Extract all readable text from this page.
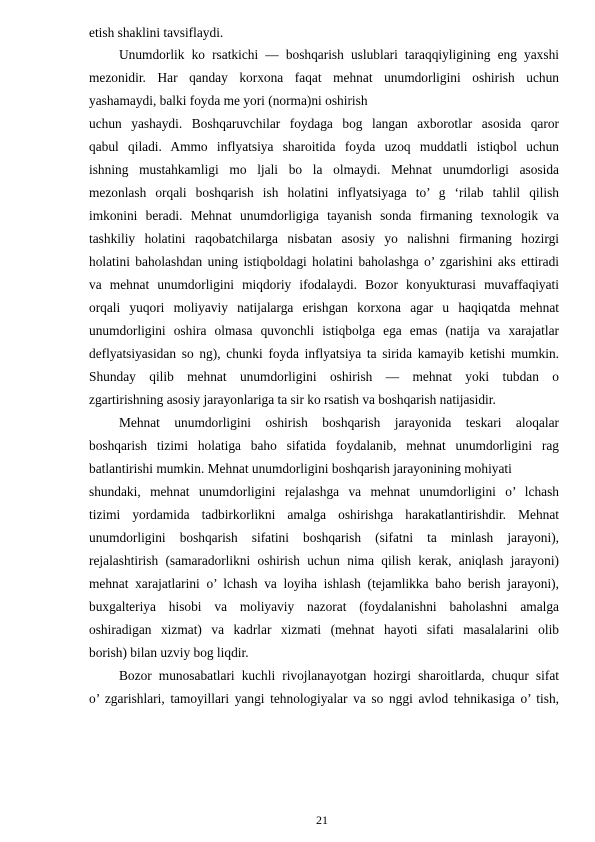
etish shaklini tavsiflaydi.
Unumdorlik ko rsatkichi — boshqarish uslublari taraqqiyligining eng yaxshi
mezonidir. Har qanday korxona faqat mehnat unumdorligini oshirish uchun
yashamaydi, balki foyda me yori (norma)ni oshirish
uchun yashaydi. Boshqaruvchilar foydaga bog langan axborotlar asosida qaror
qabul qiladi. Ammo inflyatsiya sharoitida foyda uzoq muddatli istiqbol uchun
ishning mustahkamligi mo ljali bo la olmaydi. Mehnat unumdorligi asosida
mezonlash orqali boshqarish ish holatini inflyatsiyaga to’ g ‘rilab tahlil qilish
imkonini beradi. Mehnat unumdorligiga tayanish sonda firmaning texnologik va
tashkiliy holatini raqobatchilarga nisbatan asosiy yo nalishni firmaning hozirgi
holatini baholashdan uning istiqboldagi holatini baholashga o’ zgarishini aks ettiradi
va mehnat unumdorligini miqdoriy ifodalaydi. Bozor konyukturasi muvaffaqiyati
orqali yuqori moliyaviy natijalarga erishgan korxona agar u haqiqatda mehnat
unumdorligini oshira olmasa quvonchli istiqbolga ega emas (natija va xarajatlar
deflyatsiyasidan so ng), chunki foyda inflyatsiya ta sirida kamayib ketishi mumkin.
Shunday qilib mehnat unumdorligini oshirish — mehnat yoki tubdan o
zgartirishning asosiy jarayonlariga ta sir ko rsatish va boshqarish natijasidir.
Mehnat unumdorligini oshirish boshqarish jarayonida teskari aloqalar
boshqarish tizimi holatiga baho sifatida foydalanib, mehnat unumdorligini rag
batlantirishi mumkin. Mehnat unumdorligini boshqarish jarayonining mohiyati
shundaki, mehnat unumdorligini rejalashga va mehnat unumdorligini o’ lchash
tizimi yordamida tadbirkorlikni amalga oshirishga harakatlantirishdir. Mehnat
unumdorligini boshqarish sifatini boshqarish (sifatni ta minlash jarayoni),
rejalashtirish (samaradorlikni oshirish uchun nima qilish kerak, aniqlash jarayoni)
mehnat xarajatlarini o’ lchash va loyiha ishlash (tejamlikka baho berish jarayoni),
buxgalteriya hisobi va moliyaviy nazorat (foydalanishni baholashni amalga
oshiradigan xizmat) va kadrlar xizmati (mehnat hayoti sifati masalalarini olib
borish) bilan uzviy bog liqdir.
Bozor munosabatlari kuchli rivojlanayotgan hozirgi sharoitlarda, chuqur sifat
o’ zgarishlari, tamoyillari yangi tehnologiyalar va so nggi avlod tehnikasiga o’ tish,
21
